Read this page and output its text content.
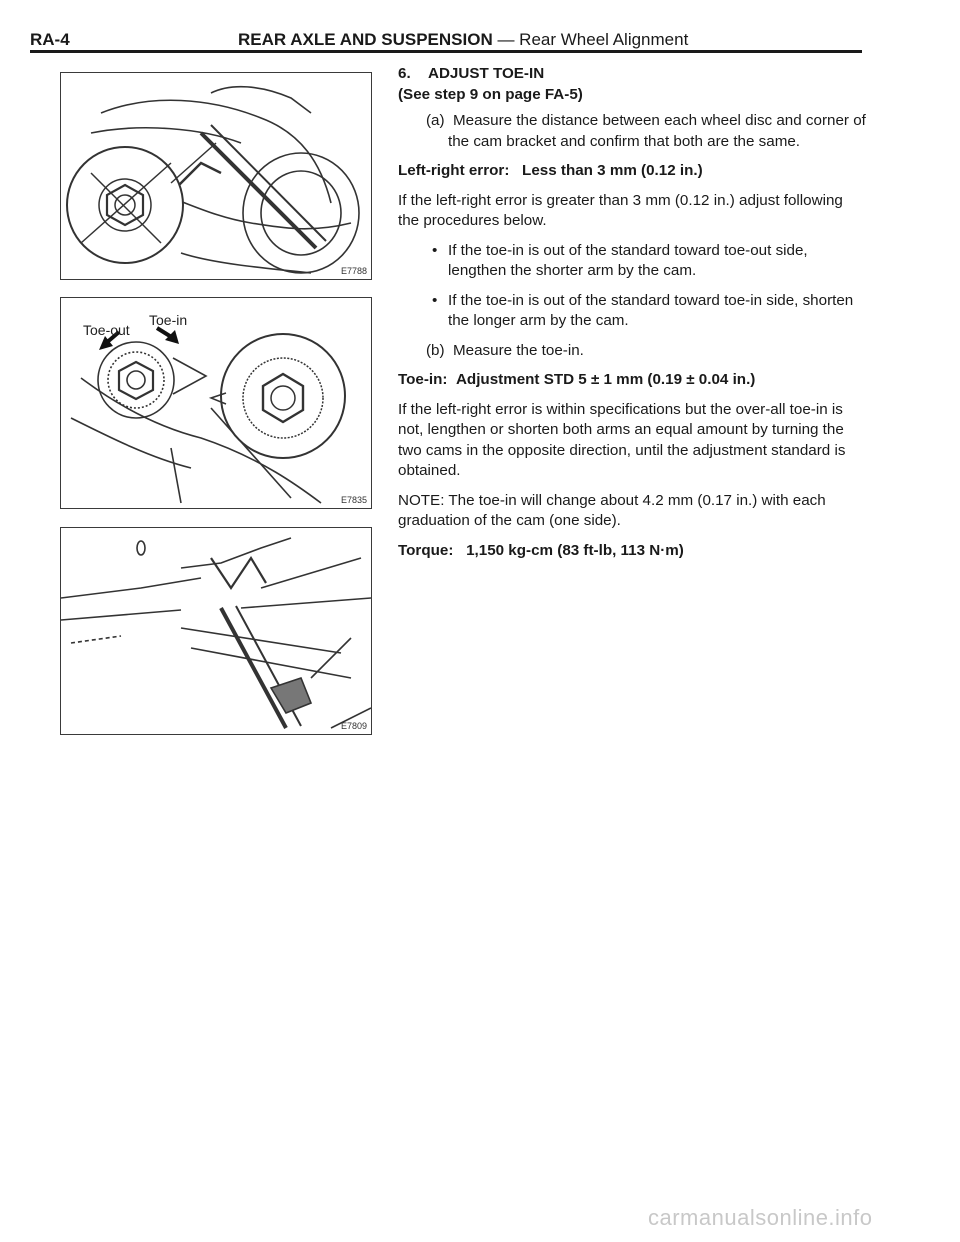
RA-4	REAR AXLE AND SUSPENSION — Rear Wheel Alignment
E7788
Toe-out
Toe-in
E7835
E7809

6. ADJUST TOE-IN

(See step 9 on page FA-5)

(a) Measure the distance between each wheel disc and corner of the cam bracket and confirm that both are the same.

Left-right error: Less than 3 mm (0.12 in.)

If the left-right error is greater than 3 mm (0.12 in.) adjust following the procedures below.

• If the toe-in is out of the standard toward toe-out side, lengthen the shorter arm by the cam.

• If the toe-in is out of the standard toward toe-in side, shorten the longer arm by the cam.

(b) Measure the toe-in.

Toe-in: Adjustment STD 5 ± 1 mm (0.19 ± 0.04 in.)

If the left-right error is within specifications but the over-all toe-in is not, lengthen or shorten both arms an equal amount by turning the two cams in the opposite direction, until the adjustment standard is obtained.

NOTE: The toe-in will change about 4.2 mm (0.17 in.) with each graduation of the cam (one side).

Torque: 1,150 kg-cm (83 ft-lb, 113 N·m)

carmanualsonline.info
